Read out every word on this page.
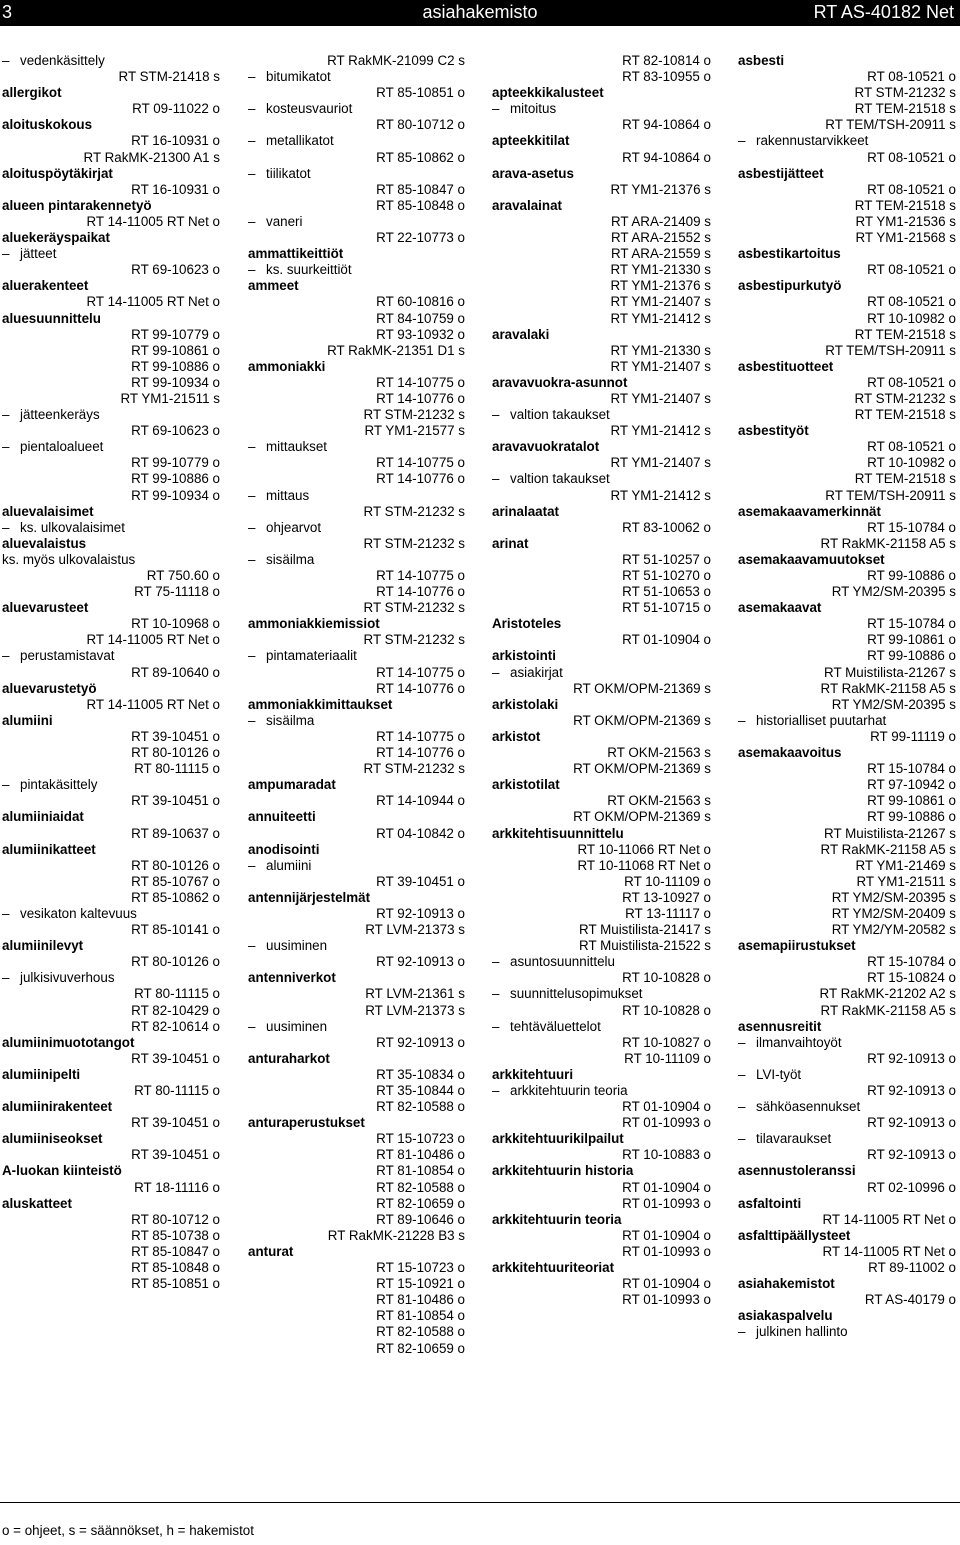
3	asiahakemisto	RT AS-40182 Net
– vedenkäsittely
RT STM-21418 s
allergikot
RT 09-11022 o
aloituskokous
RT 16-10931 o
RT RakMK-21300 A1 s
aloituspöytäkirjat
RT 16-10931 o
alueen pintarakennetyö
RT 14-11005 RT Net o
aluekeräyspaikat
– jätteet
RT 69-10623 o
aluerakenteet
RT 14-11005 RT Net o
aluesuunnittelu
RT 99-10779 o
RT 99-10861 o
RT 99-10886 o
RT 99-10934 o
RT YM1-21511 s
– jätteenkeräys
RT 69-10623 o
– pientaloalueet
RT 99-10779 o
RT 99-10886 o
RT 99-10934 o
aluevalaisimet
– ks. ulkovalaisimet
aluevalaistus
ks. myös ulkovalaistus
RT 750.60 o
RT 75-11118 o
aluevarusteet
RT 10-10968 o
RT 14-11005 RT Net o
– perustamistavat
RT 89-10640 o
aluevarustetyö
RT 14-11005 RT Net o
alumiini
RT 39-10451 o
RT 80-10126 o
RT 80-11115 o
– pintakäsittely
RT 39-10451 o
alumiiniaidat
RT 89-10637 o
alumiinikatteet
RT 80-10126 o
RT 85-10767 o
RT 85-10862 o
– vesikaton kaltevuus
RT 85-10141 o
alumiinilevyt
RT 80-10126 o
– julkisivuverhous
RT 80-11115 o
RT 82-10429 o
RT 82-10614 o
alumiinimuototangot
RT 39-10451 o
alumiinipelti
RT 80-11115 o
alumiinirakenteet
RT 39-10451 o
alumiiniseokset
RT 39-10451 o
A-luokan kiinteistö
RT 18-11116 o
aluskatteet
RT 80-10712 o
RT 85-10738 o
RT 85-10847 o
RT 85-10848 o
RT 85-10851 o
RT RakMK-21099 C2 s
– bitumikatot
RT 85-10851 o
– kosteusvauriot
RT 80-10712 o
– metallikatot
RT 85-10862 o
– tiilikatot
RT 85-10847 o
RT 85-10848 o
– vaneri
RT 22-10773 o
ammattikeittiöt
– ks. suurkeittiöt
ammeet
RT 60-10816 o
RT 84-10759 o
RT 93-10932 o
RT RakMK-21351 D1 s
ammoniakki
RT 14-10775 o
RT 14-10776 o
RT STM-21232 s
RT YM1-21577 s
– mittaukset
RT 14-10775 o
RT 14-10776 o
– mittaus
RT STM-21232 s
– ohjearvot
RT STM-21232 s
– sisäilma
RT 14-10775 o
RT 14-10776 o
RT STM-21232 s
ammoniakkiemissiot
RT STM-21232 s
– pintamateriaalit
RT 14-10775 o
RT 14-10776 o
ammoniakkimittaukset
– sisäilma
RT 14-10775 o
RT 14-10776 o
RT STM-21232 s
ampumaradat
RT 14-10944 o
annuiteetti
RT 04-10842 o
anodisointi
– alumiini
RT 39-10451 o
antennijärjestelmät
RT 92-10913 o
RT LVM-21373 s
– uusiminen
RT 92-10913 o
antenniverkot
RT LVM-21361 s
RT LVM-21373 s
– uusiminen
RT 92-10913 o
anturaharkot
RT 35-10834 o
RT 35-10844 o
RT 82-10588 o
anturaperustukset
RT 15-10723 o
RT 81-10486 o
RT 81-10854 o
RT 82-10588 o
RT 82-10659 o
RT 89-10646 o
RT RakMK-21228 B3 s
anturat
RT 15-10723 o
RT 15-10921 o
RT 81-10486 o
RT 81-10854 o
RT 82-10588 o
RT 82-10659 o
RT 82-10814 o
RT 83-10955 o
apteekkikalusteet
– mitoitus
RT 94-10864 o
apteekkitilat
RT 94-10864 o
arava-asetus
RT YM1-21376 s
aravalainat
RT ARA-21409 s
RT ARA-21552 s
RT ARA-21559 s
RT YM1-21330 s
RT YM1-21376 s
RT YM1-21407 s
RT YM1-21412 s
aravalaki
RT YM1-21330 s
RT YM1-21407 s
aravavuokra-asunnot
RT YM1-21407 s
– valtion takaukset
RT YM1-21412 s
aravavuokratalot
RT YM1-21407 s
– valtion takaukset
RT YM1-21412 s
arinalaatat
RT 83-10062 o
arinat
RT 51-10257 o
RT 51-10270 o
RT 51-10653 o
RT 51-10715 o
Aristoteles
RT 01-10904 o
arkistointi
– asiakirjat
RT OKM/OPM-21369 s
arkistolaki
RT OKM/OPM-21369 s
arkistot
RT OKM-21563 s
RT OKM/OPM-21369 s
arkistotilat
RT OKM-21563 s
RT OKM/OPM-21369 s
arkkitehtisuunnittelu
RT 10-11066 RT Net o
RT 10-11068 RT Net o
RT 10-11109 o
RT 13-10927 o
RT 13-11117 o
RT Muistilista-21417 s
RT Muistilista-21522 s
– asuntosuunnittelu
RT 10-10828 o
– suunnittelusopimukset
RT 10-10828 o
– tehtäväluettelot
RT 10-10827 o
RT 10-11109 o
arkkitehtuuri
– arkkitehtuurin teoria
RT 01-10904 o
RT 01-10993 o
arkkitehtuurikilpailut
RT 10-10883 o
arkkitehtuurin historia
RT 01-10904 o
RT 01-10993 o
arkkitehtuurin teoria
RT 01-10904 o
RT 01-10993 o
arkkitehtuuriteoriat
RT 01-10904 o
RT 01-10993 o
asbesti
RT 08-10521 o
RT STM-21232 s
RT TEM-21518 s
RT TEM/TSH-20911 s
– rakennustarvikkeet
RT 08-10521 o
asbestijätteet
RT 08-10521 o
RT TEM-21518 s
RT YM1-21536 s
RT YM1-21568 s
asbestikartoitus
RT 08-10521 o
asbestipurkutyö
RT 08-10521 o
RT 10-10982 o
RT TEM-21518 s
RT TEM/TSH-20911 s
asbestituotteet
RT 08-10521 o
RT STM-21232 s
RT TEM-21518 s
asbestityöt
RT 08-10521 o
RT 10-10982 o
RT TEM-21518 s
RT TEM/TSH-20911 s
asemakaavamerkinnät
RT 15-10784 o
RT RakMK-21158 A5 s
asemakaavamuutokset
RT 99-10886 o
RT YM2/SM-20395 s
asemakaavat
RT 15-10784 o
RT 99-10861 o
RT 99-10886 o
RT Muistilista-21267 s
RT RakMK-21158 A5 s
RT YM2/SM-20395 s
– historialliset puutarhat
RT 99-11119 o
asemakaavoitus
RT 15-10784 o
RT 97-10942 o
RT 99-10861 o
RT 99-10886 o
RT Muistilista-21267 s
RT RakMK-21158 A5 s
RT YM1-21469 s
RT YM1-21511 s
RT YM2/SM-20395 s
RT YM2/SM-20409 s
RT YM2/YM-20582 s
asemapiirustukset
RT 15-10784 o
RT 15-10824 o
RT RakMK-21202 A2 s
RT RakMK-21158 A5 s
asennusreitit
– ilmanvaihtoyöt
RT 92-10913 o
– LVI-työt
RT 92-10913 o
– sähköasennukset
RT 92-10913 o
– tilavaraukset
RT 92-10913 o
asennustoleranssi
RT 02-10996 o
asfaltointi
RT 14-11005 RT Net o
asfalttipäällysteet
RT 14-11005 RT Net o
RT 89-11002 o
asiahakemistot
RT AS-40179 o
asiakaspalvelu
– julkinen hallinto
o = ohjeet, s = säännökset, h = hakemistot
